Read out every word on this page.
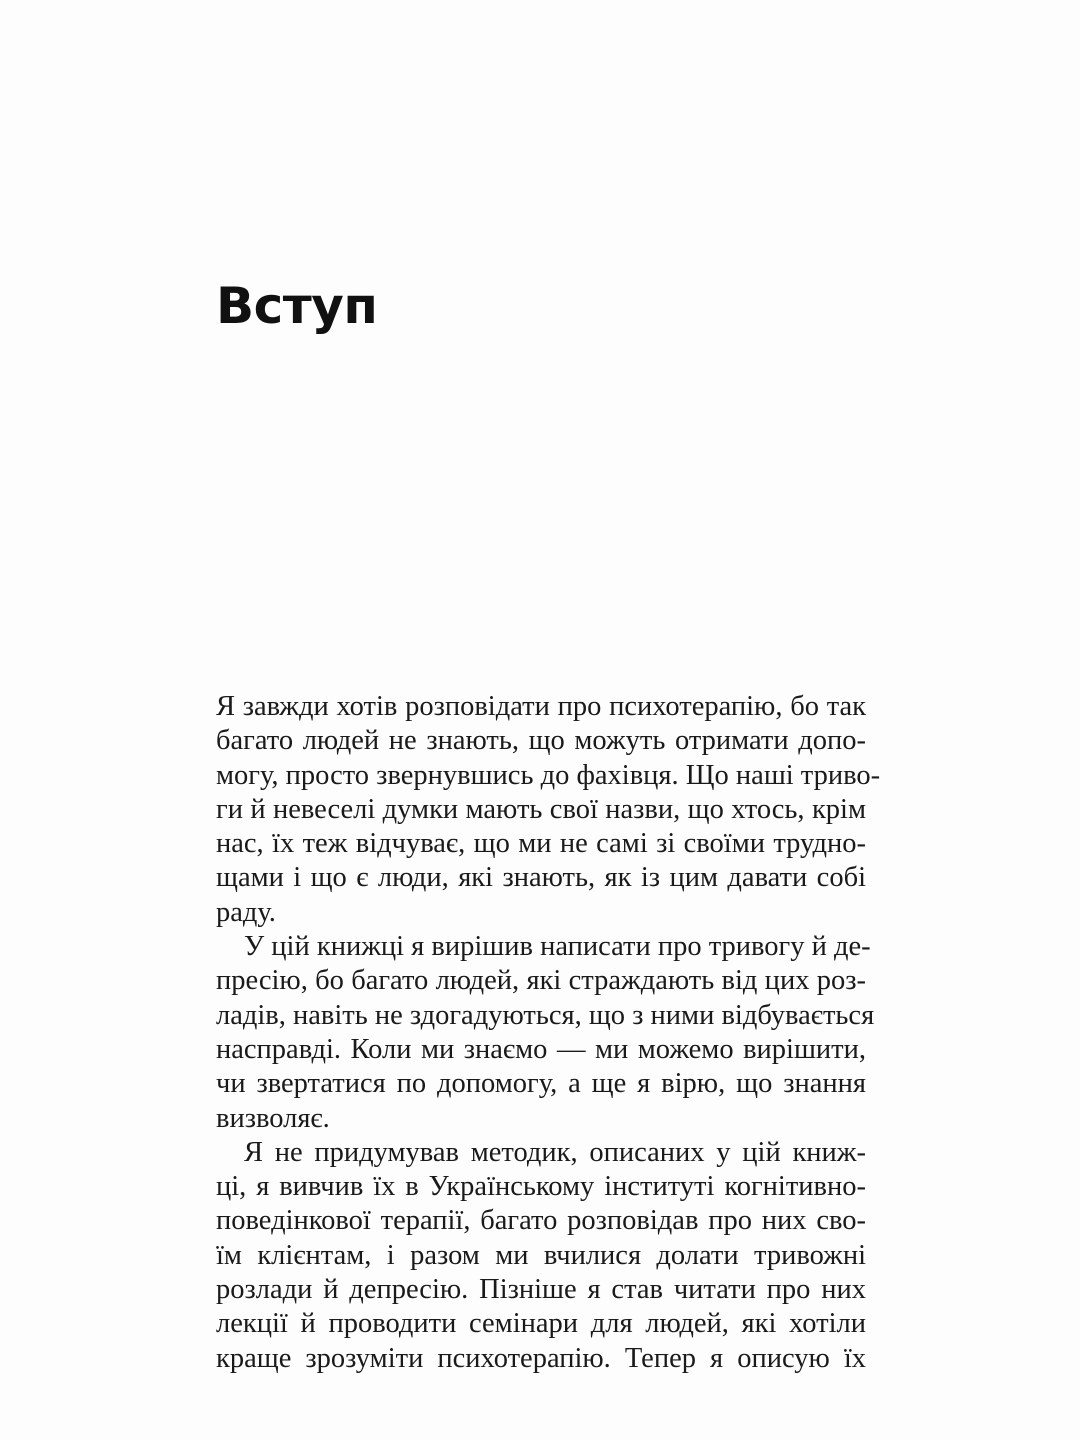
Вступ

Я завжди хотів розповідати про психотерапію, бо так
багато людей не знають, що можуть отримати допо-
могу, просто звернувшись до фахівця. Що наші триво-
ги й невеселі думки мають свої назви, що хтось, крім
нас, їх теж відчуває, що ми не самі зі своїми трудно-
щами і що є люди, які знають, як із цим давати собі
раду.

У цій книжці я вирішив написати про тривогу й де-
пресію, бо багато людей, які страждають від цих роз-
ладів, навіть не здогадуються, що з ними відбувається
насправді. Коли ми знаємо — ми можемо вирішити,
чи звертатися по допомогу, а ще я вірю, що знання
визволяє.

Я не придумував методик, описаних у цій книж-
ці, я вивчив їх в Українському інституті когнітивно-
поведінкової терапії, багато розповідав про них сво-
їм клієнтам, і разом ми вчилися долати тривожні
розлади й депресію. Пізніше я став читати про них
лекції й проводити семінари для людей, які хотіли
краще зрозуміти психотерапію. Тепер я описую їх
